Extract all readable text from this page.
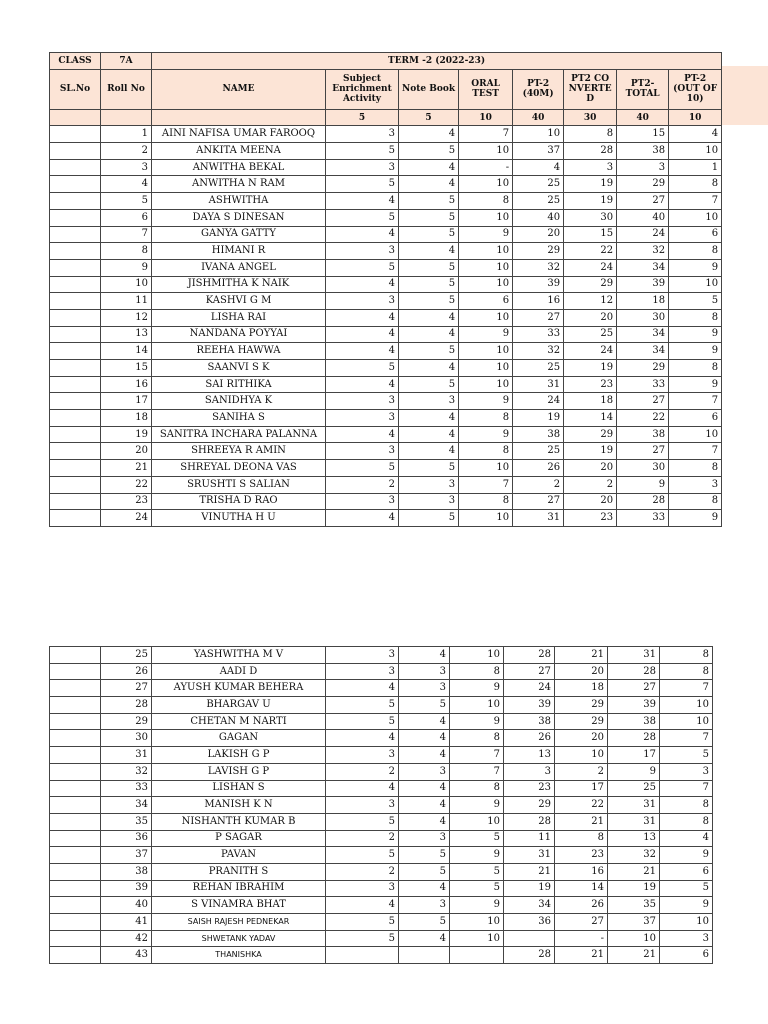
CLASS	7A	TERM -2 (2022-23)							
SL.No	Roll No	NAME	Subject Enrichment Activity	Note Book	ORAL TEST	PT-2 (40M)	PT2 CONVERTED	PT2- TOTAL	PT-2 (OUT OF 10)
			5	5	10	40	30	40	10
	1	AINI NAFISA UMAR FAROOQ	3	4	7	10	8	15	4
	2	ANKITA MEENA	5	5	10	37	28	38	10
	3	ANWITHA BEKAL	3	4	-	4	3	3	1
	4	ANWITHA N RAM	5	4	10	25	19	29	8
	5	ASHWITHA	4	5	8	25	19	27	7
	6	DAYA S DINESAN	5	5	10	40	30	40	10
	7	GANYA GATTY	4	5	9	20	15	24	6
	8	HIMANI R	3	4	10	29	22	32	8
	9	IVANA ANGEL	5	5	10	32	24	34	9
	10	JISHMITHA K NAIK	4	5	10	39	29	39	10
	11	KASHVI G M	3	5	6	16	12	18	5
	12	LISHA RAI	4	4	10	27	20	30	8
	13	NANDANA POYYAI	4	4	9	33	25	34	9
	14	REEHA HAWWA	4	5	10	32	24	34	9
	15	SAANVI S K	5	4	10	25	19	29	8
	16	SAI RITHIKA	4	5	10	31	23	33	9
	17	SANIDHYA K	3	3	9	24	18	27	7
	18	SANIHA S	3	4	8	19	14	22	6
	19	SANITRA INCHARA PALANNA	4	4	9	38	29	38	10
	20	SHREEYA R AMIN	3	4	8	25	19	27	7
	21	SHREYAL DEONA VAS	5	5	10	26	20	30	8
	22	SRUSHTI S SALIAN	2	3	7	2	2	9	3
	23	TRISHA D RAO	3	3	8	27	20	28	8
	24	VINUTHA H U	4	5	10	31	23	33	9
	25	YASHWITHA M V	3	4	10	28	21	31	8
	26	AADI D	3	3	8	27	20	28	8
	27	AYUSH KUMAR BEHERA	4	3	9	24	18	27	7
	28	BHARGAV U	5	5	10	39	29	39	10
	29	CHETAN M NARTI	5	4	9	38	29	38	10
	30	GAGAN	4	4	8	26	20	28	7
	31	LAKISH G P	3	4	7	13	10	17	5
	32	LAVISH G P	2	3	7	3	2	9	3
	33	LISHAN S	4	4	8	23	17	25	7
	34	MANISH K N	3	4	9	29	22	31	8
	35	NISHANTH KUMAR B	5	4	10	28	21	31	8
	36	P SAGAR	2	3	5	11	8	13	4
	37	PAVAN	5	5	9	31	23	32	9
	38	PRANITH S	2	5	5	21	16	21	6
	39	REHAN IBRAHIM	3	4	5	19	14	19	5
	40	S VINAMRA BHAT	4	3	9	34	26	35	9
	41	SAISH RAJESH PEDNEKAR	5	5	10	36	27	37	10
	42	SHWETANK YADAV	5	4	10		-	10	3
	43	THANISHKA				28	21	21	6
